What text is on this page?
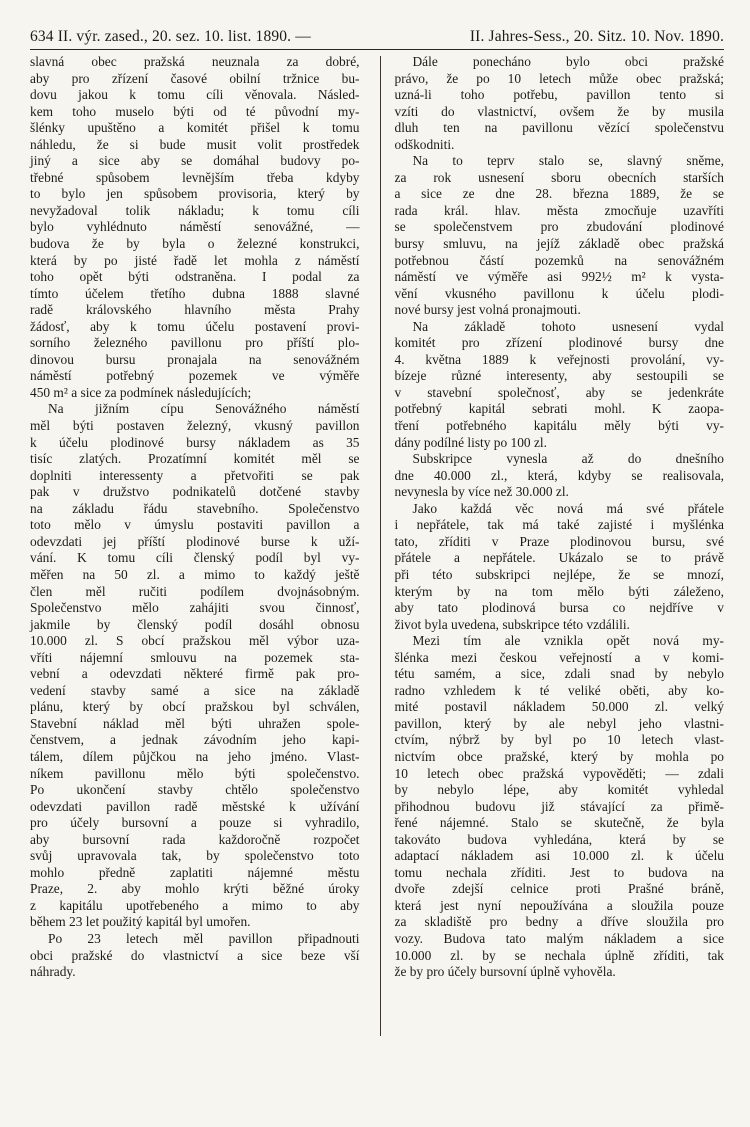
634 II. výr. zased., 20. sez. 10. list. 1890. —	II. Jahres-Sess., 20. Sitz. 10. Nov. 1890.
slavná obec pražská neuznala za dobré,
aby pro zřízení časové obilní tržnice bu-
dovu jakou k tomu cíli věnovala. Násled-
kem toho muselo býti od té původní my-
šlénky upuštěno a komitét přišel k tomu
náhledu, že si bude musit volit prostředek
jiný a sice aby se domáhal budovy po-
třebné spůsobem levnějším třeba kdyby
to bylo jen spůsobem provisoria, který by
nevyžadoval tolik nákladu; k tomu cíli
bylo vyhlédnuto náměstí senovážné, —
budova že by byla o železné konstrukci,
která by po jisté řadě let mohla z náměstí
toho opět býti odstraněna. I podal za
tímto účelem třetího dubna 1888 slavné
radě královského hlavního města Prahy
žádosť, aby k tomu účelu postavení provi-
sorního železného pavillonu pro příští plo-
dinovou bursu pronajala na senovážném
náměstí potřebný pozemek ve výměře
450 m² a sice za podmínek následujících;
Na jižním cípu Senovážného náměstí
měl býti postaven železný, vkusný pavillon
k účelu plodinové bursy nákladem as 35
tisíc zlatých. Prozatímní komitét měl se
doplniti interessenty a přetvořiti se pak
pak v družstvo podnikatelů dotčené stavby
na základu řádu stavebního. Společenstvo
toto mělo v úmyslu postaviti pavillon a
odevzdati jej příští plodinové burse k uží-
vání. K tomu cíli členský podíl byl vy-
měřen na 50 zl. a mimo to každý ještě
člen měl ručiti podílem dvojnásobným.
Společenstvo mělo zahájiti svou činnosť,
jakmile by členský podíl dosáhl obnosu
10.000 zl. S obcí pražskou měl výbor uza-
vříti nájemní smlouvu na pozemek sta-
vební a odevzdati některé firmě pak pro-
vedení stavby samé a sice na základě
plánu, který by obcí pražskou byl schválen,
Stavební náklad měl býti uhražen spole-
čenstvem, a jednak závodním jeho kapi-
tálem, dílem půjčkou na jeho jméno. Vlast-
níkem pavillonu mělo býti společenstvo.
Po ukončení stavby chtělo společenstvo
odevzdati pavillon radě městské k užívání
pro účely bursovní a pouze si vyhradilo,
aby bursovní rada každoročně rozpočet
svůj upravovala tak, by společenstvo toto
mohlo předně zaplatiti nájemné městu
Praze, 2. aby mohlo krýti běžné úroky
z kapitálu upotřebeného a mimo to aby
během 23 let použitý kapitál byl umořen.
Po 23 letech měl pavillon připadnouti
obci pražské do vlastnictví a sice beze vší
náhrady.
Dále ponecháno bylo obci pražské
právo, že po 10 letech může obec pražská;
uzná-li toho potřebu, pavillon tento si
vzíti do vlastnictví, ovšem že by musila
dluh ten na pavillonu vězící společenstvu
odškodniti.
Na to teprv stalo se, slavný sněme,
za rok usnesení sboru obecních starších
a sice ze dne 28. března 1889, že se
rada král. hlav. města zmocňuje uzavříti
se společenstvem pro zbudování plodinové
bursy smluvu, na jejíž základě obec pražská
potřebnou částí pozemků na senovážném
náměstí ve výměře asi 992½ m² k vysta-
vění vkusného pavillonu k účelu plodi-
nové bursy jest volná pronajmouti.
Na základě tohoto usnesení vydal
komitét pro zřízení plodinové bursy dne
4. května 1889 k veřejnosti provolání, vy-
bízeje různé interesenty, aby sestoupili se
v stavební společnosť, aby se jedenkráte
potřebný kapitál sebrati mohl. K zaopa-
tření potřebného kapitálu měly býti vy-
dány podílné listy po 100 zl.
Subskripce vynesla až do dnešního
dne 40.000 zl., která, kdyby se realisovala,
nevynesla by více než 30.000 zl.
Jako každá věc nová má své přátele
i nepřátele, tak má také zajisté i myšlénka
tato, zříditi v Praze plodinovou bursu, své
přátele a nepřátele. Ukázalo se to právě
při této subskripci nejlépe, že se mnozí,
kterým by na tom mělo býti záleženo,
aby tato plodinová bursa co nejdříve v
život byla uvedena, subskripce této vzdálili.
Mezi tím ale vznikla opět nová my-
šlénka mezi českou veřejností a v komi-
tétu samém, a sice, zdali snad by nebylo
radno vzhledem k té veliké oběti, aby ko-
mité postavil nákladem 50.000 zl. velký
pavillon, který by ale nebyl jeho vlastni-
ctvím, nýbrž by byl po 10 letech vlast-
nictvím obce pražské, který by mohla po
10 letech obec pražská vypověděti; — zdali
by nebylo lépe, aby komitét vyhledal
přihodnou budovu již stávající za přimě-
řené nájemné. Stalo se skutečně, že byla
takováto budova vyhledána, která by se
adaptací nákladem asi 10.000 zl. k účelu
tomu nechala zříditi. Jest to budova na
dvoře zdejší celnice proti Prašné bráně,
která jest nyní nepoužívána a sloužila pouze
za skladiště pro bedny a dříve sloužila pro
vozy. Budova tato malým nákladem a sice
10.000 zl. by se nechala úplně zříditi, tak
že by pro účely bursovní úplně vyhověla.
